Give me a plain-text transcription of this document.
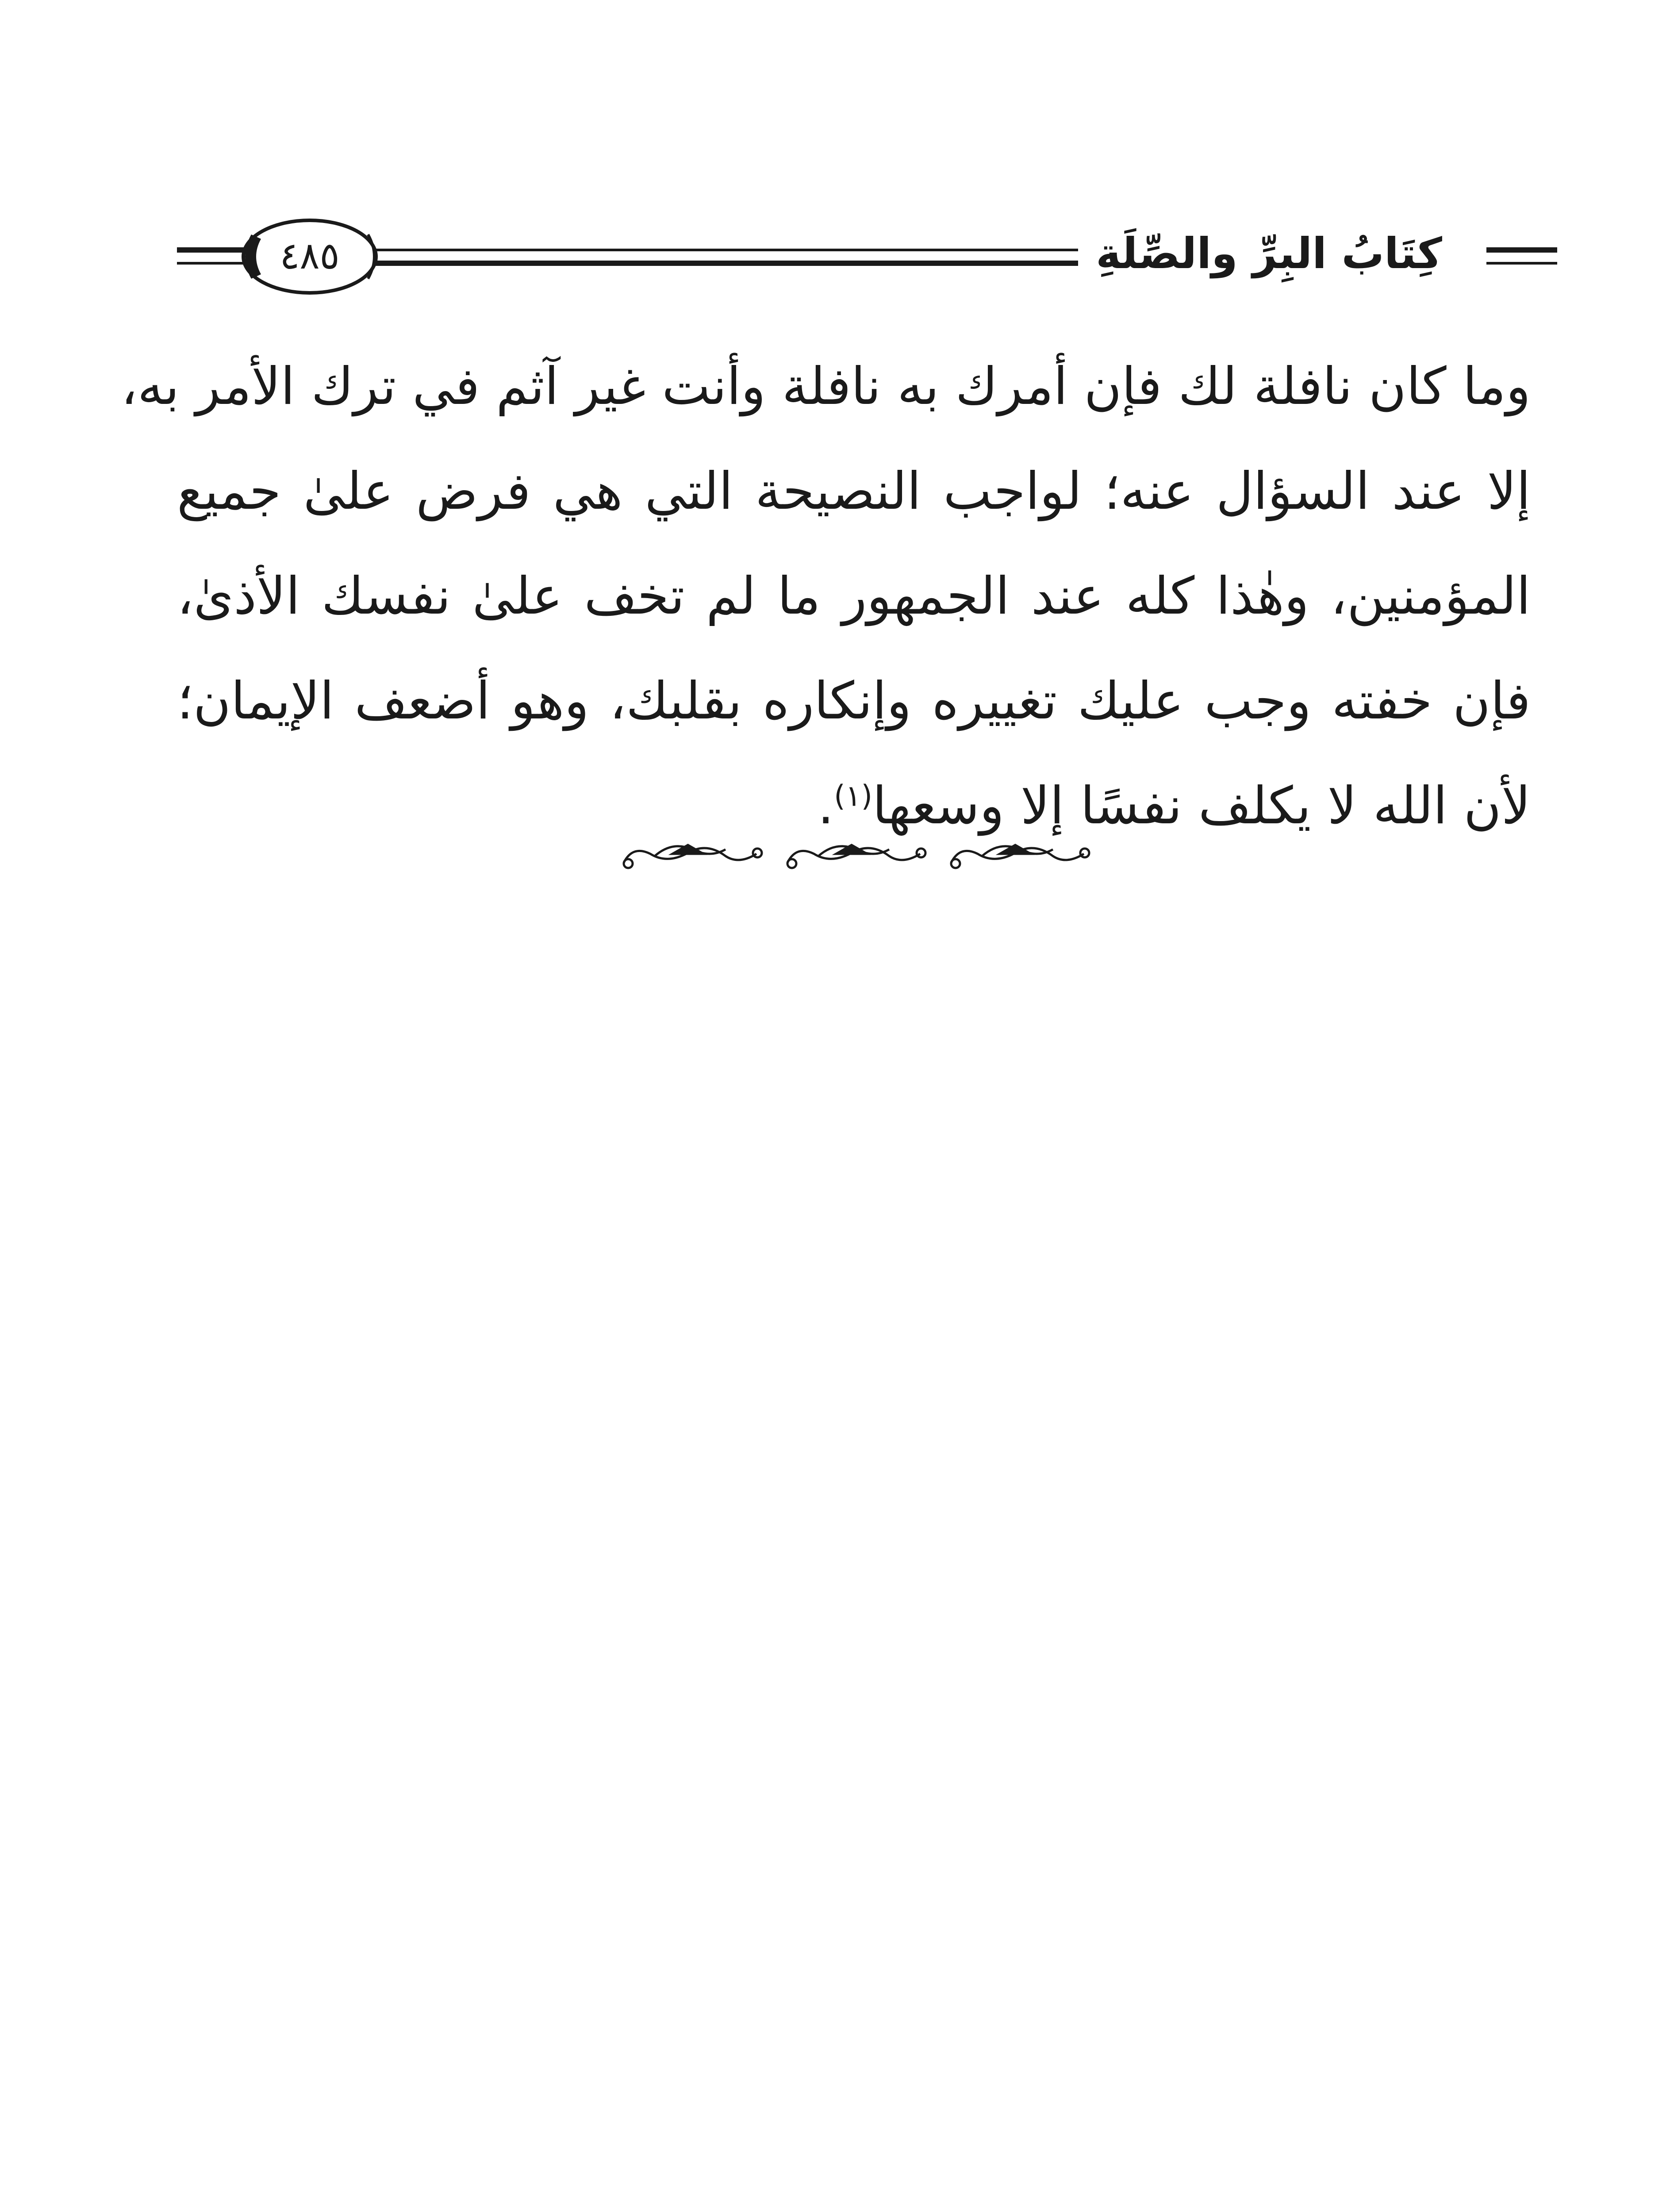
٤٨٥	كِتَابُ البِرِّ والصِّلَةِ
وما كان نافلة لك فإن أمرك به نافلة وأنت غير آثم في ترك الأمر به،
إلا عند السؤال عنه؛ لواجب النصيحة التي هي فرض علىٰ جميع
المؤمنين، وهٰذا كله عند الجمهور ما لم تخف علىٰ نفسك الأذىٰ،
فإن خفته وجب عليك تغييره وإنكاره بقلبك، وهو أضعف الإيمان؛
لأن الله لا يكلف نفسًا إلا وسعها$^{(١)}$.
